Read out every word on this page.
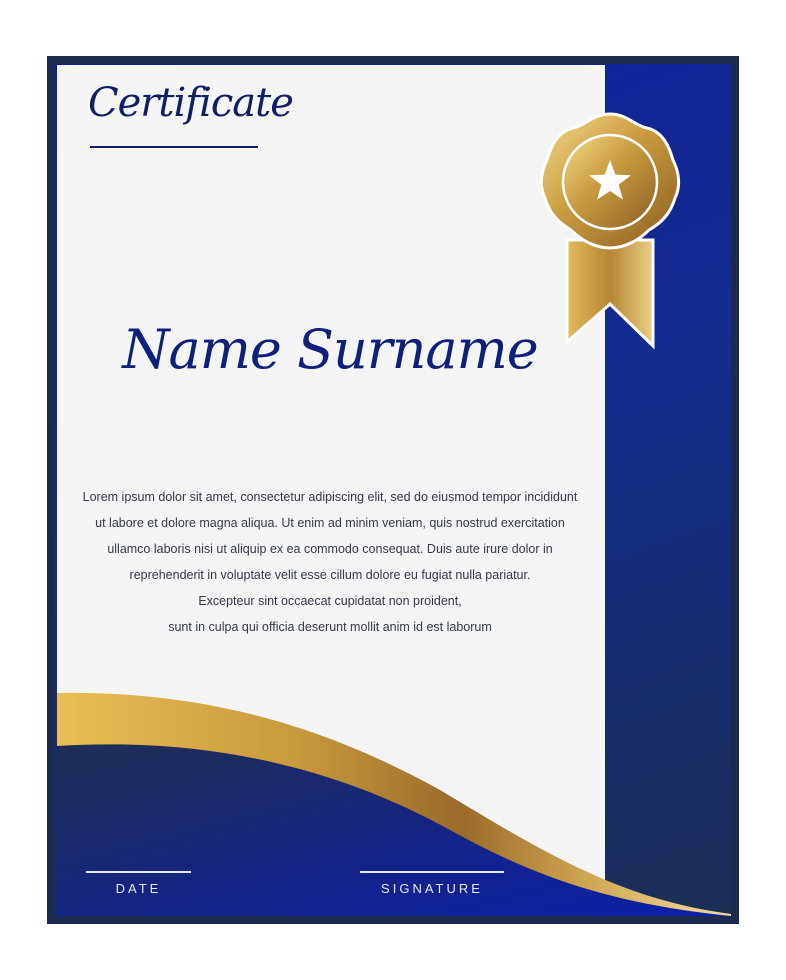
Certificate
Name Surname
Lorem ipsum dolor sit amet, consectetur adipiscing elit, sed do eiusmod tempor incididunt
ut labore et dolore magna aliqua. Ut enim ad minim veniam, quis nostrud exercitation
ullamco laboris nisi ut aliquip ex ea commodo consequat. Duis aute irure dolor in
reprehenderit in voluptate velit esse cillum dolore eu fugiat nulla pariatur.
Excepteur sint occaecat cupidatat non proident,
sunt in culpa qui officia deserunt mollit anim id est laborum
DATE	SIGNATURE
